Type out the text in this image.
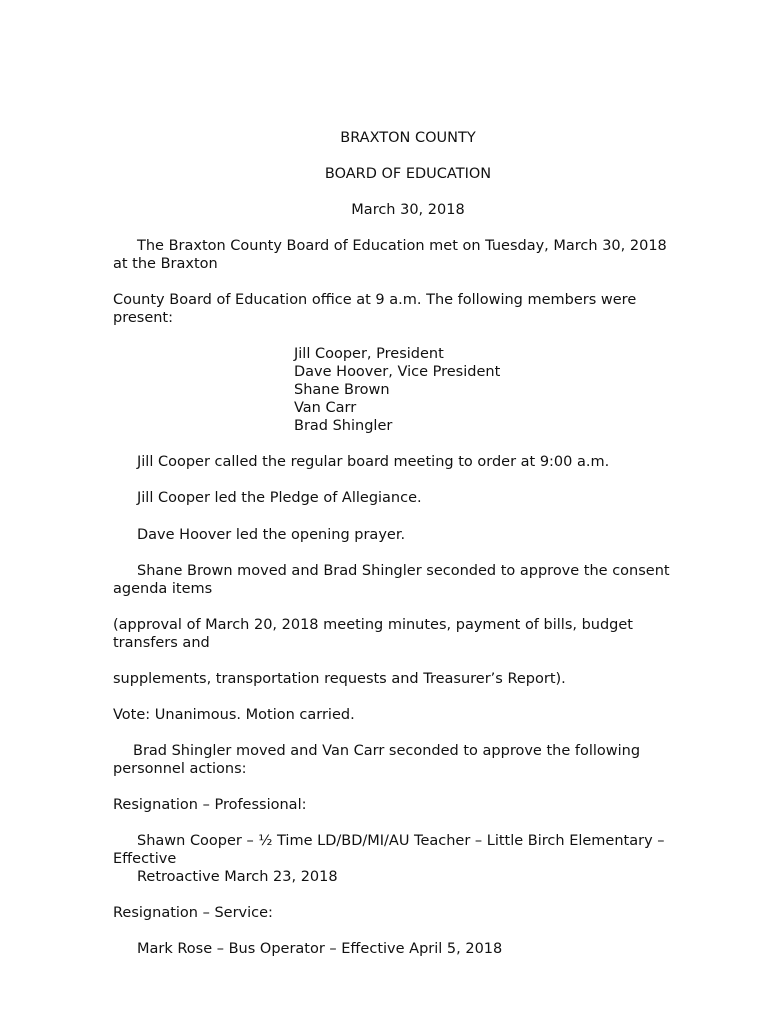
BRAXTON COUNTY
BOARD OF EDUCATION
March 30, 2018
The Braxton County Board of Education met on Tuesday, March 30, 2018
at the Braxton
County Board of Education office at 9 a.m. The following members were
present:
Jill Cooper, President
Dave Hoover, Vice President
Shane Brown
Van Carr
Brad Shingler
Jill Cooper called the regular board meeting to order at 9:00 a.m.
Jill Cooper led the Pledge of Allegiance.
Dave Hoover led the opening prayer.
Shane Brown moved and Brad Shingler seconded to approve the consent
agenda items
(approval of March 20, 2018 meeting minutes, payment of bills, budget
transfers and
supplements, transportation requests and Treasurer’s Report).
Vote: Unanimous. Motion carried.
Brad Shingler moved and Van Carr seconded to approve the following
personnel actions:
Resignation – Professional:
Shawn Cooper – ½ Time LD/BD/MI/AU Teacher – Little Birch Elementary –
Effective
Retroactive March 23, 2018
Resignation – Service:
Mark Rose – Bus Operator – Effective April 5, 2018
